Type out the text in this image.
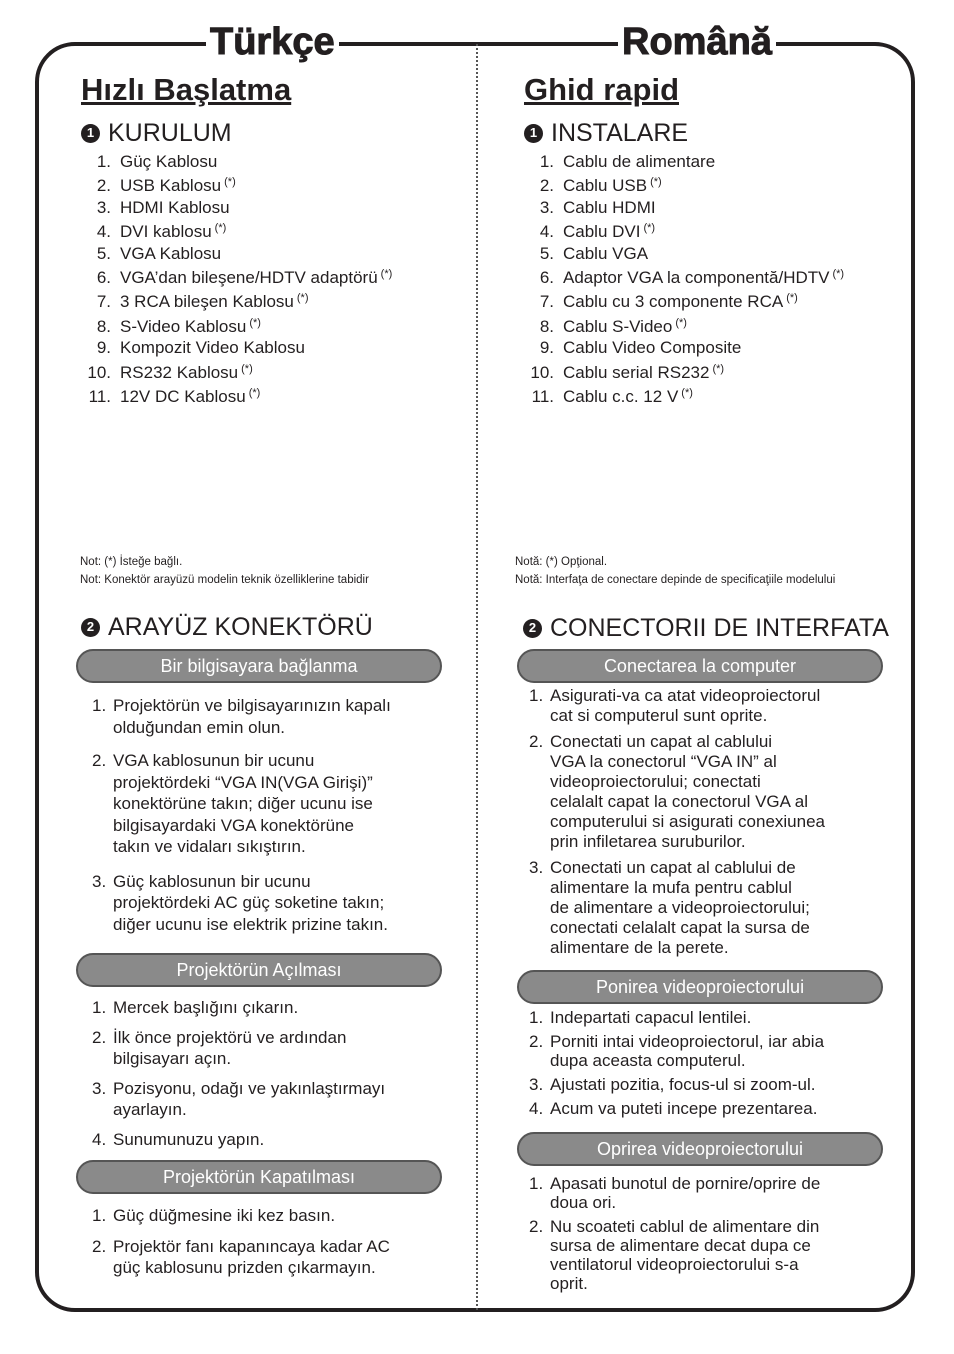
Türkçe	Română
Hızlı Başlatma
1 KURULUM
1. Güç Kablosu
2. USB Kablosu (*)
3. HDMI Kablosu
4. DVI kablosu (*)
5. VGA Kablosu
6. VGA’dan bileşene/HDTV adaptörü (*)
7. 3 RCA bileşen Kablosu (*)
8. S-Video Kablosu (*)
9. Kompozit Video Kablosu
10. RS232 Kablosu (*)
11. 12V DC Kablosu (*)
Not: (*) İsteğe bağlı.
Not: Konektör arayüzü modelin teknik özelliklerine tabidir
2 ARAYÜZ KONEKTÖRÜ
Bir bilgisayara bağlanma
1. Projektörün ve bilgisayarınızın kapalı
olduğundan emin olun.
2. VGA kablosunun bir ucunu
projektördeki “VGA IN(VGA Girişi)”
konektörüne takın; diğer ucunu ise
bilgisayardaki VGA konektörüne
takın ve vidaları sıkıştırın.
3. Güç kablosunun bir ucunu
projektördeki AC güç soketine takın;
diğer ucunu ise elektrik prizine takın.
Projektörün Açılması
1. Mercek başlığını çıkarın.
2. İlk önce projektörü ve ardından
bilgisayarı açın.
3. Pozisyonu, odağı ve yakınlaştırmayı
ayarlayın.
4. Sunumunuzu yapın.
Projektörün Kapatılması
1. Güç düğmesine iki kez basın.
2. Projektör fanı kapanıncaya kadar AC
güç kablosunu prizden çıkarmayın.
Ghid rapid
1 INSTALARE
1. Cablu de alimentare
2. Cablu USB (*)
3. Cablu HDMI
4. Cablu DVI (*)
5. Cablu VGA
6. Adaptor VGA la componentă/HDTV (*)
7. Cablu cu 3 componente RCA (*)
8. Cablu S-Video (*)
9. Cablu Video Composite
10. Cablu serial RS232 (*)
11. Cablu c.c. 12 V (*)
Notă: (*) Opţional.
Notă: Interfaţa de conectare depinde de specificaţiile modelului
2 CONECTORII DE INTERFATA
Conectarea la computer
1. Asigurati-va ca atat videoproiectorul
cat si computerul sunt oprite.
2. Conectati un capat al cablului
VGA la conectorul “VGA IN” al
videoproiectorului; conectati
celalalt capat la conectorul VGA al
computerului si asigurati conexiunea
prin infiletarea suruburilor.
3. Conectati un capat al cablului de
alimentare la mufa pentru cablul
de alimentare a videoproiectorului;
conectati celalalt capat la sursa de
alimentare de la perete.
Ponirea videoproiectorului
1. Indepartati capacul lentilei.
2. Porniti intai videoproiectorul, iar abia
dupa aceasta computerul.
3. Ajustati pozitia, focus-ul si zoom-ul.
4. Acum va puteti incepe prezentarea.
Oprirea videoproiectorului
1. Apasati bunotul de pornire/oprire de
doua ori.
2. Nu scoateti cablul de alimentare din
sursa de alimentare decat dupa ce
ventilatorul videoproiectorului s-a
oprit.
